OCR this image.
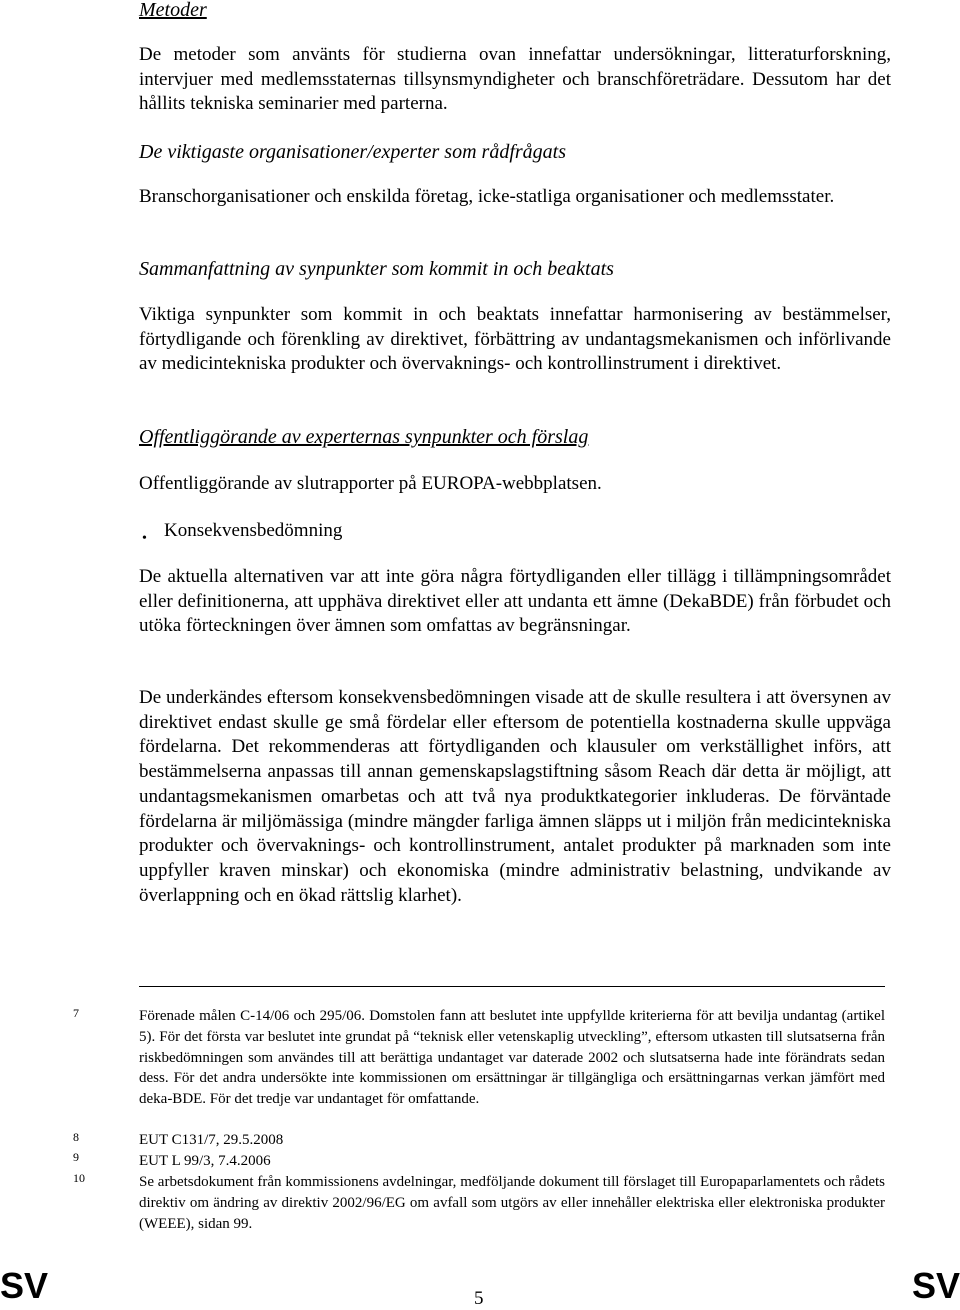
Metoder
De metoder som använts för studierna ovan innefattar undersökningar, litteraturforskning, intervjuer med medlemsstaternas tillsynsmyndigheter och branschföreträdare. Dessutom har det hållits tekniska seminarier med parterna.
De viktigaste organisationer/experter som rådfrågats
Branschorganisationer och enskilda företag, icke-statliga organisationer och medlemsstater.
Sammanfattning av synpunkter som kommit in och beaktats
Viktiga synpunkter som kommit in och beaktats innefattar harmonisering av bestämmelser, förtydligande och förenkling av direktivet, förbättring av undantagsmekanismen och införlivande av medicintekniska produkter och övervaknings- och kontrollinstrument i direktivet.
Offentliggörande av experternas synpunkter och förslag
Offentliggörande av slutrapporter på EUROPA-webbplatsen.
• Konsekvensbedömning
De aktuella alternativen var att inte göra några förtydliganden eller tillägg i tillämpningsområdet eller definitionerna, att upphäva direktivet eller att undanta ett ämne (DekaBDE) från förbudet och utöka förteckningen över ämnen som omfattas av begränsningar.
De underkändes eftersom konsekvensbedömningen visade att de skulle resultera i att översynen av direktivet endast skulle ge små fördelar eller eftersom de potentiella kostnaderna skulle uppväga fördelarna. Det rekommenderas att förtydliganden och klausuler om verkställighet införs, att bestämmelserna anpassas till annan gemenskapslagstiftning såsom Reach där detta är möjligt, att undantagsmekanismen omarbetas och att två nya produktkategorier inkluderas. De förväntade fördelarna är miljömässiga (mindre mängder farliga ämnen släpps ut i miljön från medicintekniska produkter och övervaknings- och kontrollinstrument, antalet produkter på marknaden som inte uppfyller kraven minskar) och ekonomiska (mindre administrativ belastning, undvikande av överlappning och en ökad rättslig klarhet).
7	Förenade målen C-14/06 och 295/06. Domstolen fann att beslutet inte uppfyllde kriterierna för att bevilja undantag (artikel 5). För det första var beslutet inte grundat på “teknisk eller vetenskaplig utveckling”, eftersom utkasten till slutsatserna från riskbedömningen som användes till att berättiga undantaget var daterade 2002 och slutsatserna hade inte förändrats sedan dess. För det andra undersökte inte kommissionen om ersättningar är tillgängliga och ersättningarnas verkan jämfört med deka-BDE. För det tredje var undantaget för omfattande.
8	EUT C131/7, 29.5.2008
9	EUT L 99/3, 7.4.2006
10	Se arbetsdokument från kommissionens avdelningar, medföljande dokument till förslaget till Europaparlamentets och rådets direktiv om ändring av direktiv 2002/96/EG om avfall som utgörs av eller innehåller elektriska eller elektroniska produkter (WEEE), sidan 99.
SV	5	SV
